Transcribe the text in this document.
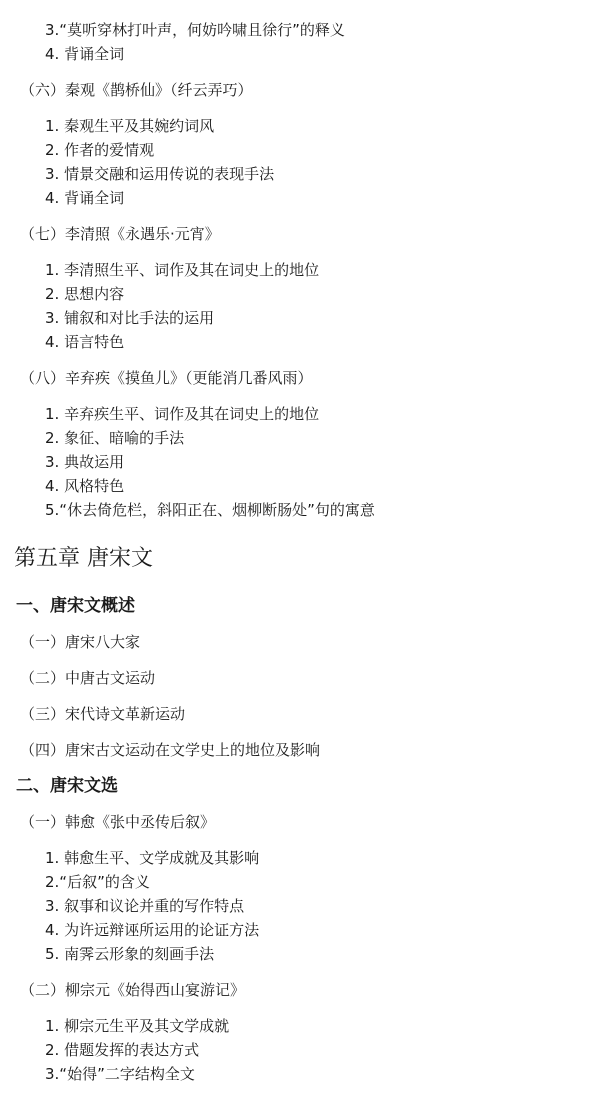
3.“莫听穿林打叶声，何妨吟啸且徐行”的释义
4. 背诵全词
（六）秦观《鹊桥仙》（纤云弄巧）
1. 秦观生平及其婉约词风
2. 作者的爱情观
3. 情景交融和运用传说的表现手法
4. 背诵全词
（七）李清照《永遇乐·元宵》
1. 李清照生平、词作及其在词史上的地位
2. 思想内容
3. 铺叙和对比手法的运用
4. 语言特色
（八）辛弃疾《摸鱼儿》（更能消几番风雨）
1. 辛弃疾生平、词作及其在词史上的地位
2. 象征、暗喻的手法
3. 典故运用
4. 风格特色
5.“休去倚危栏，斜阳正在、烟柳断肠处”句的寓意
第五章 唐宋文
一、唐宋文概述
（一）唐宋八大家
（二）中唐古文运动
（三）宋代诗文革新运动
（四）唐宋古文运动在文学史上的地位及影响
二、唐宋文选
（一）韩愈《张中丞传后叙》
1. 韩愈生平、文学成就及其影响
2.“后叙”的含义
3. 叙事和议论并重的写作特点
4. 为许远辩诬所运用的论证方法
5. 南霁云形象的刻画手法
（二）柳宗元《始得西山宴游记》
1. 柳宗元生平及其文学成就
2. 借题发挥的表达方式
3.“始得”二字结构全文
